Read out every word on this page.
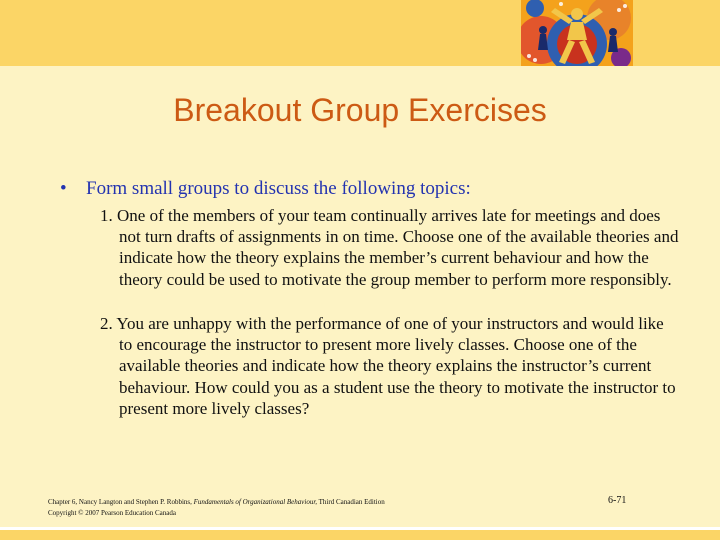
Breakout Group Exercises
• Form small groups to discuss the following topics:
1. One of the members of your team continually arrives late for meetings and does not turn drafts of assignments in on time. Choose one of the available theories and indicate how the theory explains the member’s current behaviour and how the theory could be used to motivate the group member to perform more responsibly.
2. You are unhappy with the performance of one of your instructors and would like to encourage the instructor to present more lively classes. Choose one of the available theories and indicate how the theory explains the instructor’s current behaviour. How could you as a student use the theory to motivate the instructor to present more lively classes?
Chapter 6, Nancy Langton and Stephen P. Robbins, Fundamentals of Organizational Behaviour, Third Canadian Edition
Copyright © 2007 Pearson Education Canada
6-71
